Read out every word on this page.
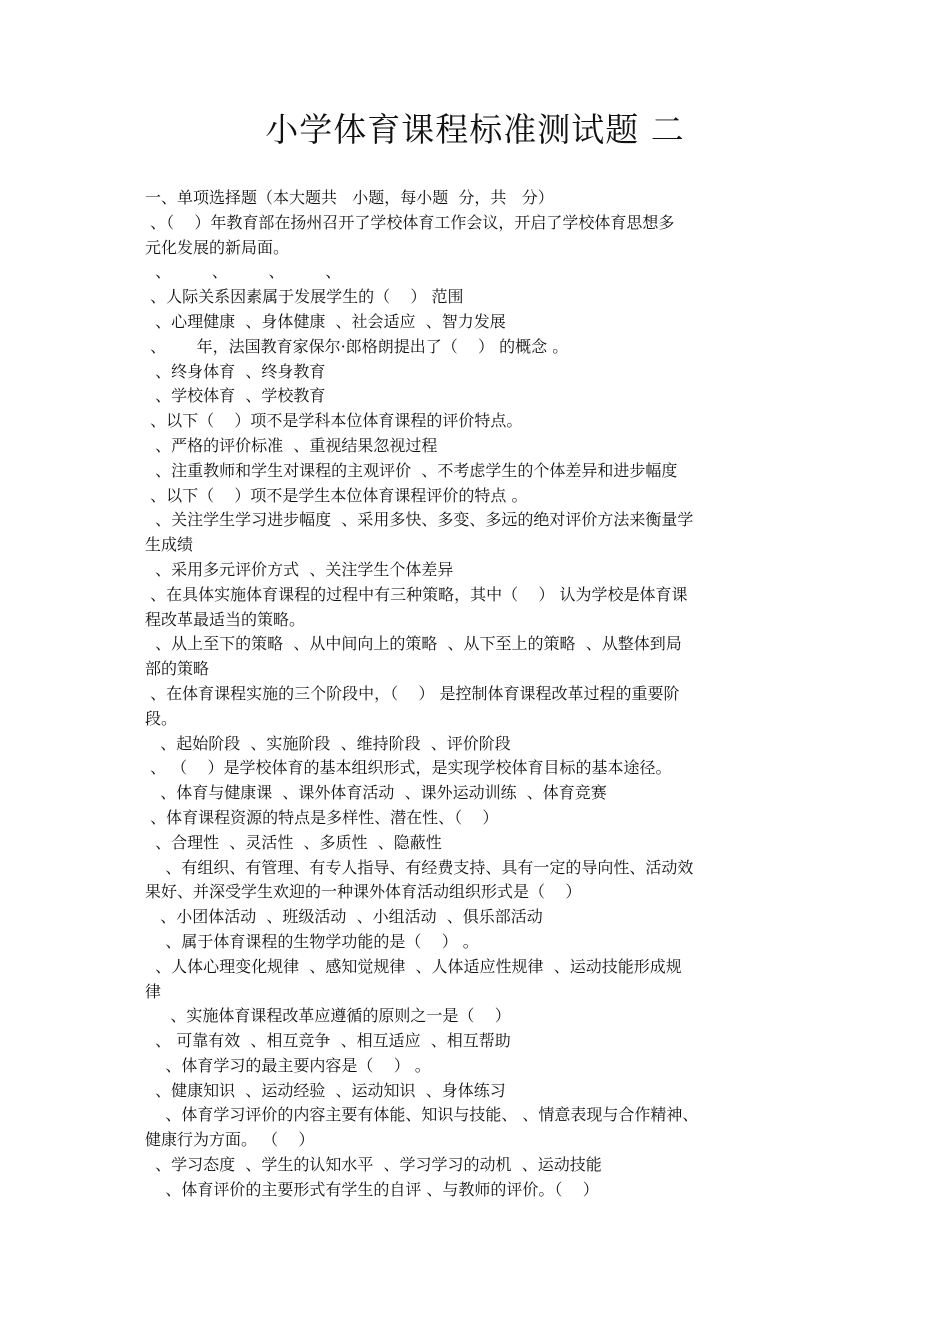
小学体育课程标准测试题 二
一、单项选择题（本大题共   小题，每小题  分，共   分）
、（    ）年教育部在扬州召开了学校体育工作会议，开启了学校体育思想多
元化发展的新局面。
、        、        、        、
、人际关系因素属于发展学生的（    ） 范围
、心理健康  、身体健康  、社会适应  、智力发展
、      年，法国教育家保尔·郎格朗提出了（    ） 的概念 。
、终身体育  、终身教育
、学校体育  、学校教育
、以下（    ）项不是学科本位体育课程的评价特点。
、严格的评价标准  、重视结果忽视过程
、注重教师和学生对课程的主观评价  、不考虑学生的个体差异和进步幅度
、以下（    ）项不是学生本位体育课程评价的特点 。
、关注学生学习进步幅度  、采用多快、多变、多远的绝对评价方法来衡量学
生成绩
、采用多元评价方式  、关注学生个体差异
、在具体实施体育课程的过程中有三种策略，其中（    ） 认为学校是体育课
程改革最适当的策略。
、从上至下的策略  、从中间向上的策略  、从下至上的策略  、从整体到局
部的策略
、在体育课程实施的三个阶段中，（    ） 是控制体育课程改革过程的重要阶
段。
、起始阶段  、实施阶段  、维持阶段  、评价阶段
、 （    ）是学校体育的基本组织形式，是实现学校体育目标的基本途径。
、体育与健康课  、课外体育活动  、课外运动训练  、体育竞赛
、体育课程资源的特点是多样性、潜在性、（    ）
、合理性  、灵活性  、多质性  、隐蔽性
、有组织、有管理、有专人指导、有经费支持、具有一定的导向性、活动效
果好、并深受学生欢迎的一种课外体育活动组织形式是（    ）
、小团体活动  、班级活动  、小组活动  、俱乐部活动
、属于体育课程的生物学功能的是（    ） 。
、人体心理变化规律  、感知觉规律  、人体适应性规律  、运动技能形成规
律
、实施体育课程改革应遵循的原则之一是（    ）
、 可靠有效  、相互竞争  、相互适应  、相互帮助
、体育学习的最主要内容是（    ） 。
、健康知识  、运动经验  、运动知识  、身体练习
、体育学习评价的内容主要有体能、知识与技能、 、情意表现与合作精神、
健康行为方面。 （    ）
、学习态度  、学生的认知水平  、学习学习的动机  、运动技能
、体育评价的主要形式有学生的自评 、与教师的评价。（    ）
